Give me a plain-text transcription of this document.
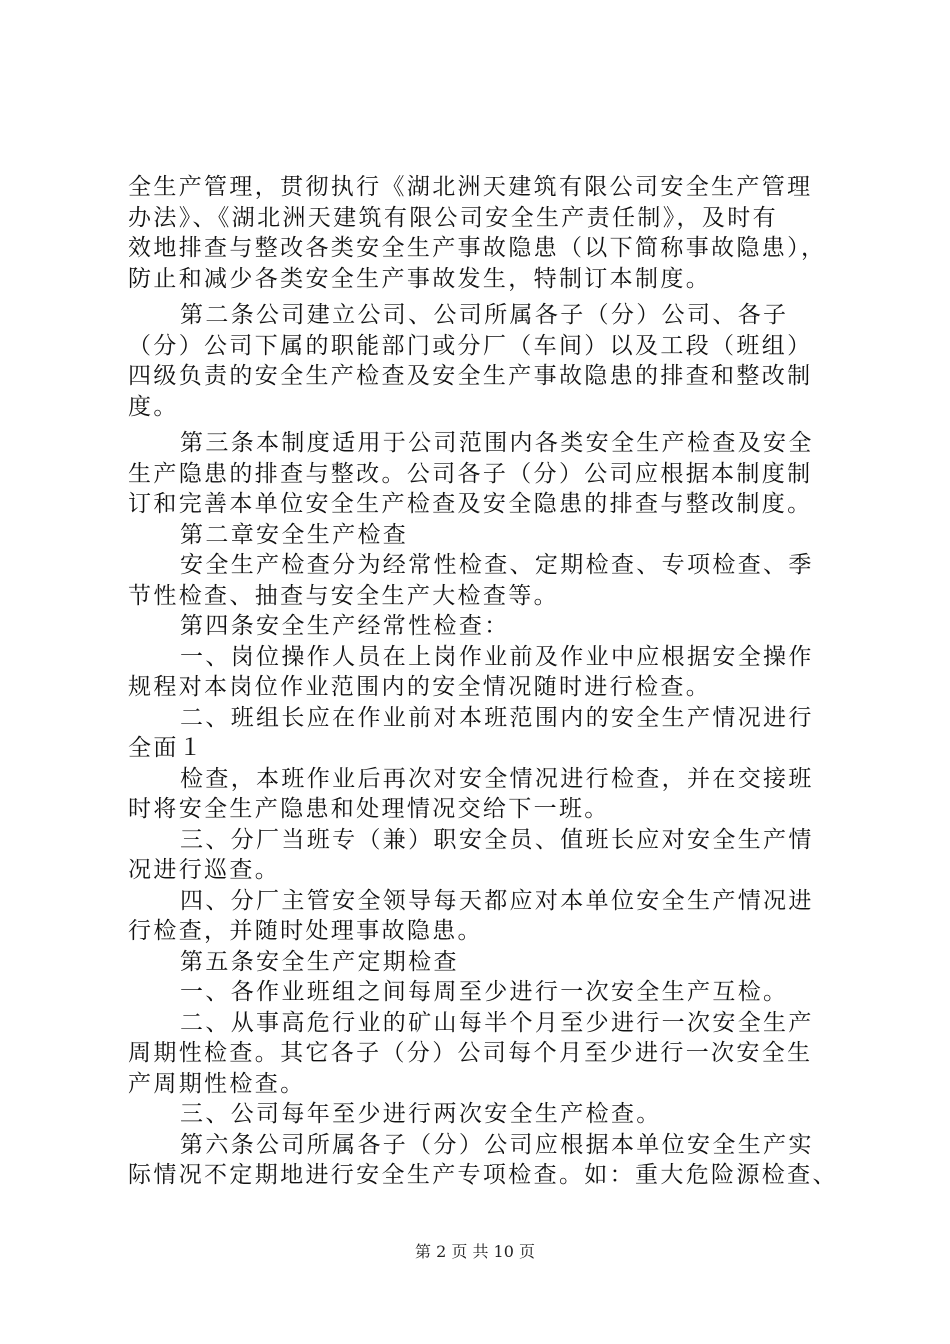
全生产管理，贯彻执行《湖北洲天建筑有限公司安全生产管理
办法》、《湖北洲天建筑有限公司安全生产责任制》，及时有
效地排查与整改各类安全生产事故隐患（以下简称事故隐患），
防止和减少各类安全生产事故发生，特制订本制度。
第二条公司建立公司、公司所属各子（分）公司、各子
（分）公司下属的职能部门或分厂（车间）以及工段（班组）
四级负责的安全生产检查及安全生产事故隐患的排查和整改制
度。
第三条本制度适用于公司范围内各类安全生产检查及安全
生产隐患的排查与整改。公司各子（分）公司应根据本制度制
订和完善本单位安全生产检查及安全隐患的排查与整改制度。
第二章安全生产检查
安全生产检查分为经常性检查、定期检查、专项检查、季
节性检查、抽查与安全生产大检查等。
第四条安全生产经常性检查：
一、岗位操作人员在上岗作业前及作业中应根据安全操作
规程对本岗位作业范围内的安全情况随时进行检查。
二、班组长应在作业前对本班范围内的安全生产情况进行
全面１
检查，本班作业后再次对安全情况进行检查，并在交接班
时将安全生产隐患和处理情况交给下一班。
三、分厂当班专（兼）职安全员、值班长应对安全生产情
况进行巡查。
四、分厂主管安全领导每天都应对本单位安全生产情况进
行检查，并随时处理事故隐患。
第五条安全生产定期检查
一、各作业班组之间每周至少进行一次安全生产互检。
二、从事高危行业的矿山每半个月至少进行一次安全生产
周期性检查。其它各子（分）公司每个月至少进行一次安全生
产周期性检查。
三、公司每年至少进行两次安全生产检查。
第六条公司所属各子（分）公司应根据本单位安全生产实
际情况不定期地进行安全生产专项检查。如：重大危险源检查、
第 2 页 共 10 页
